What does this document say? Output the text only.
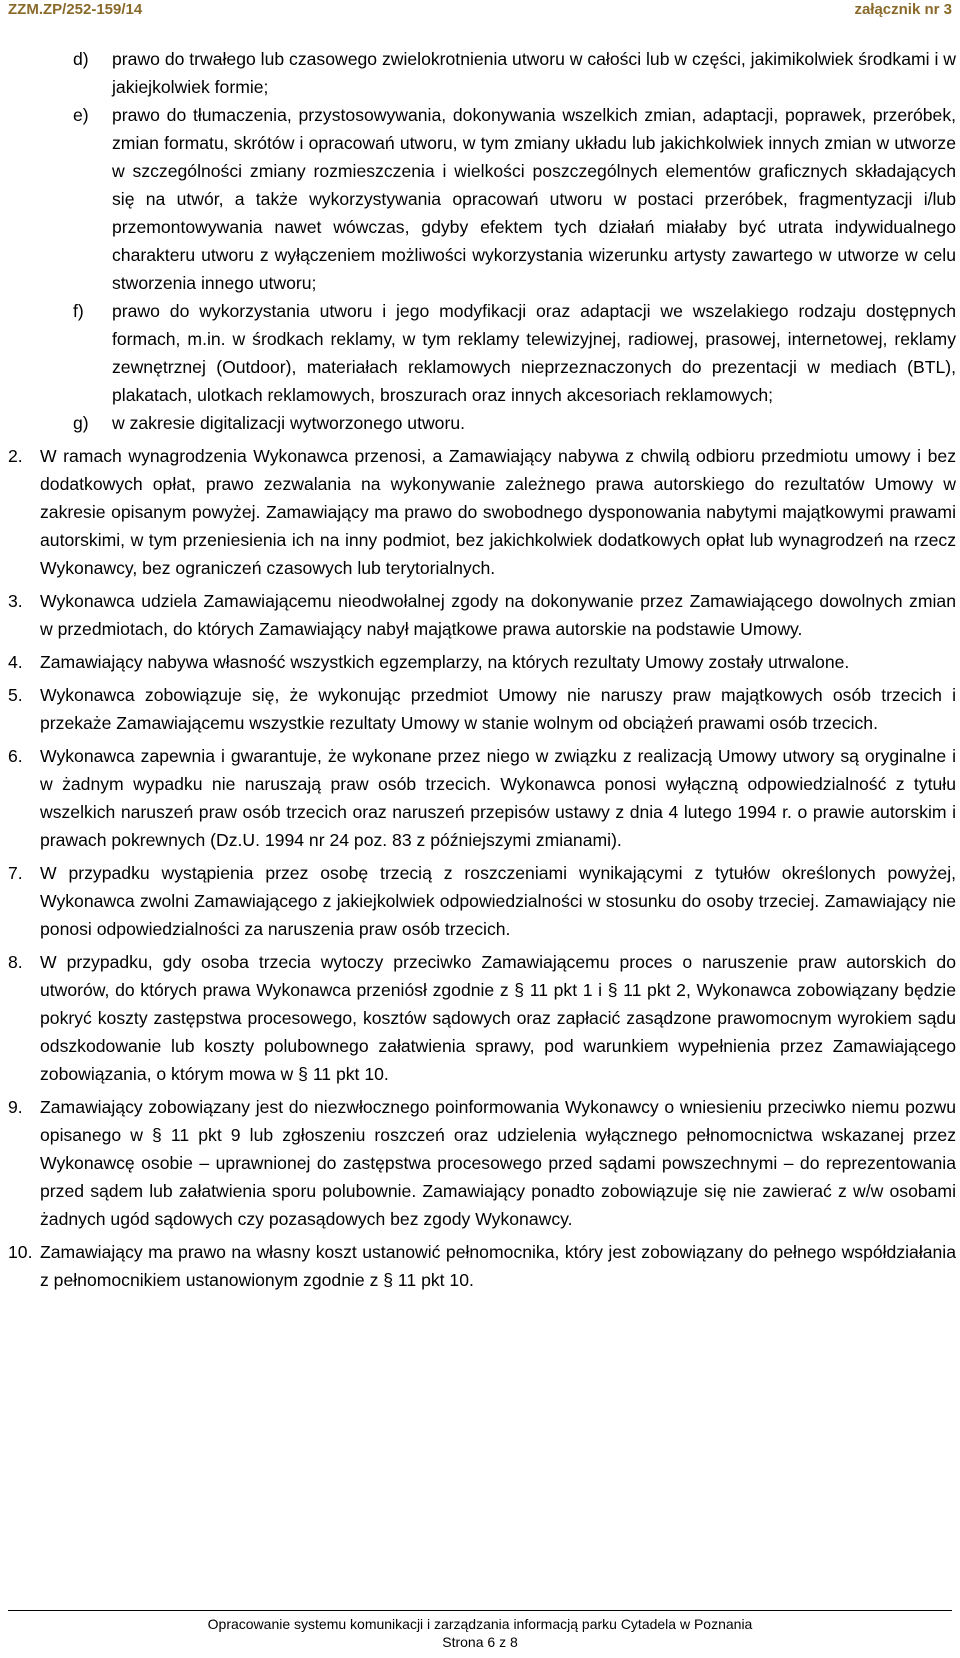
ZZM.ZP/252-159/14	załącznik nr 3
d) prawo do trwałego lub czasowego zwielokrotnienia utworu w całości lub w części, jakimikolwiek środkami i w jakiejkolwiek formie;
e) prawo do tłumaczenia, przystosowywania, dokonywania wszelkich zmian, adaptacji, poprawek, przeróbek, zmian formatu, skrótów i opracowań utworu, w tym zmiany układu lub jakichkolwiek innych zmian w utworze w szczególności zmiany rozmieszczenia i wielkości poszczególnych elementów graficznych składających się na utwór, a także wykorzystywania opracowań utworu w postaci przeróbek, fragmentyzacji i/lub przemontowywania nawet wówczas, gdyby efektem tych działań miałaby być utrata indywidualnego charakteru utworu z wyłączeniem możliwości wykorzystania wizerunku artysty zawartego w utworze w celu stworzenia innego utworu;
f) prawo do wykorzystania utworu i jego modyfikacji oraz adaptacji we wszelakiego rodzaju dostępnych formach, m.in. w środkach reklamy, w tym reklamy telewizyjnej, radiowej, prasowej, internetowej, reklamy zewnętrznej (Outdoor), materiałach reklamowych nieprzeznaczonych do prezentacji w mediach (BTL), plakatach, ulotkach reklamowych, broszurach oraz innych akcesoriach reklamowych;
g) w zakresie digitalizacji wytworzonego utworu.
2. W ramach wynagrodzenia Wykonawca przenosi, a Zamawiający nabywa z chwilą odbioru przedmiotu umowy i bez dodatkowych opłat, prawo zezwalania na wykonywanie zależnego prawa autorskiego do rezultatów Umowy w zakresie opisanym powyżej. Zamawiający ma prawo do swobodnego dysponowania nabytymi majątkowymi prawami autorskimi, w tym przeniesienia ich na inny podmiot, bez jakichkolwiek dodatkowych opłat lub wynagrodzeń na rzecz Wykonawcy, bez ograniczeń czasowych lub terytorialnych.
3. Wykonawca udziela Zamawiającemu nieodwołalnej zgody na dokonywanie przez Zamawiającego dowolnych zmian w przedmiotach, do których Zamawiający nabył majątkowe prawa autorskie na podstawie Umowy.
4. Zamawiający nabywa własność wszystkich egzemplarzy, na których rezultaty Umowy zostały utrwalone.
5. Wykonawca zobowiązuje się, że wykonując przedmiot Umowy nie naruszy praw majątkowych osób trzecich i przekaże Zamawiającemu wszystkie rezultaty Umowy w stanie wolnym od obciążeń prawami osób trzecich.
6. Wykonawca zapewnia i gwarantuje, że wykonane przez niego w związku z realizacją Umowy utwory są oryginalne i w żadnym wypadku nie naruszają praw osób trzecich. Wykonawca ponosi wyłączną odpowiedzialność z tytułu wszelkich naruszeń praw osób trzecich oraz naruszeń przepisów ustawy z dnia 4 lutego 1994 r. o prawie autorskim i prawach pokrewnych (Dz.U. 1994 nr 24 poz. 83 z późniejszymi zmianami).
7. W przypadku wystąpienia przez osobę trzecią z roszczeniami wynikającymi z tytułów określonych powyżej, Wykonawca zwolni Zamawiającego z jakiejkolwiek odpowiedzialności w stosunku do osoby trzeciej. Zamawiający nie ponosi odpowiedzialności za naruszenia praw osób trzecich.
8. W przypadku, gdy osoba trzecia wytoczy przeciwko Zamawiającemu proces o naruszenie praw autorskich do utworów, do których prawa Wykonawca przeniósł zgodnie z § 11 pkt 1 i § 11 pkt 2, Wykonawca zobowiązany będzie pokryć koszty zastępstwa procesowego, kosztów sądowych oraz zapłacić zasądzone prawomocnym wyrokiem sądu odszkodowanie lub koszty polubownego załatwienia sprawy, pod warunkiem wypełnienia przez Zamawiającego zobowiązania, o którym mowa w § 11 pkt 10.
9. Zamawiający zobowiązany jest do niezwłocznego poinformowania Wykonawcy o wniesieniu przeciwko niemu pozwu opisanego w § 11 pkt 9 lub zgłoszeniu roszczeń oraz udzielenia wyłącznego pełnomocnictwa wskazanej przez Wykonawcę osobie – uprawnionej do zastępstwa procesowego przed sądami powszechnymi – do reprezentowania przed sądem lub załatwienia sporu polubownie. Zamawiający ponadto zobowiązuje się nie zawierać z w/w osobami żadnych ugód sądowych czy pozasądowych bez zgody Wykonawcy.
10. Zamawiający ma prawo na własny koszt ustanowić pełnomocnika, który jest zobowiązany do pełnego współdziałania z pełnomocnikiem ustanowionym zgodnie z § 11 pkt 10.
Opracowanie systemu komunikacji i zarządzania informacją parku Cytadela w Poznania
Strona 6 z 8
